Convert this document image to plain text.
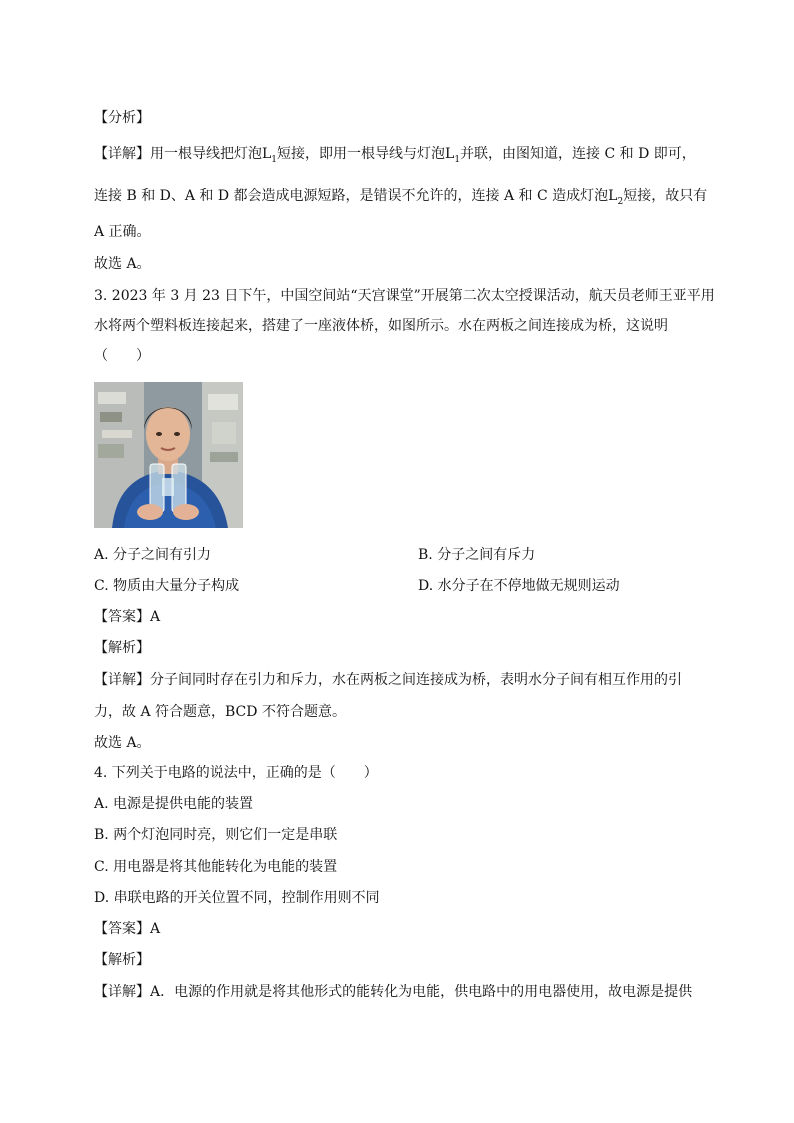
【分析】
【详解】用一根导线把灯泡$L_1$短接，即用一根导线与灯泡$L_1$并联，由图知道，连接 C 和 D 即可，
连接 B 和 D、A 和 D 都会造成电源短路，是错误不允许的，连接 A 和 C 造成灯泡$L_2$短接，故只有
A 正确。
故选 A。
3. 2023 年 3 月 23 日下午，中国空间站“天宫课堂”开展第二次太空授课活动，航天员老师王亚平用
水将两个塑料板连接起来，搭建了一座液体桥，如图所示。水在两板之间连接成为桥，这说明
（　　）
A. 分子之间有引力	B. 分子之间有斥力
C. 物质由大量分子构成	D. 水分子在不停地做无规则运动
【答案】A
【解析】
【详解】分子间同时存在引力和斥力，水在两板之间连接成为桥，表明水分子间有相互作用的引
力，故 A 符合题意，BCD 不符合题意。
故选 A。
4. 下列关于电路的说法中，正确的是（　　）
A. 电源是提供电能的装置
B. 两个灯泡同时亮，则它们一定是串联
C. 用电器是将其他能转化为电能的装置
D. 串联电路的开关位置不同，控制作用则不同
【答案】A
【解析】
【详解】A．电源的作用就是将其他形式的能转化为电能，供电路中的用电器使用，故电源是提供
